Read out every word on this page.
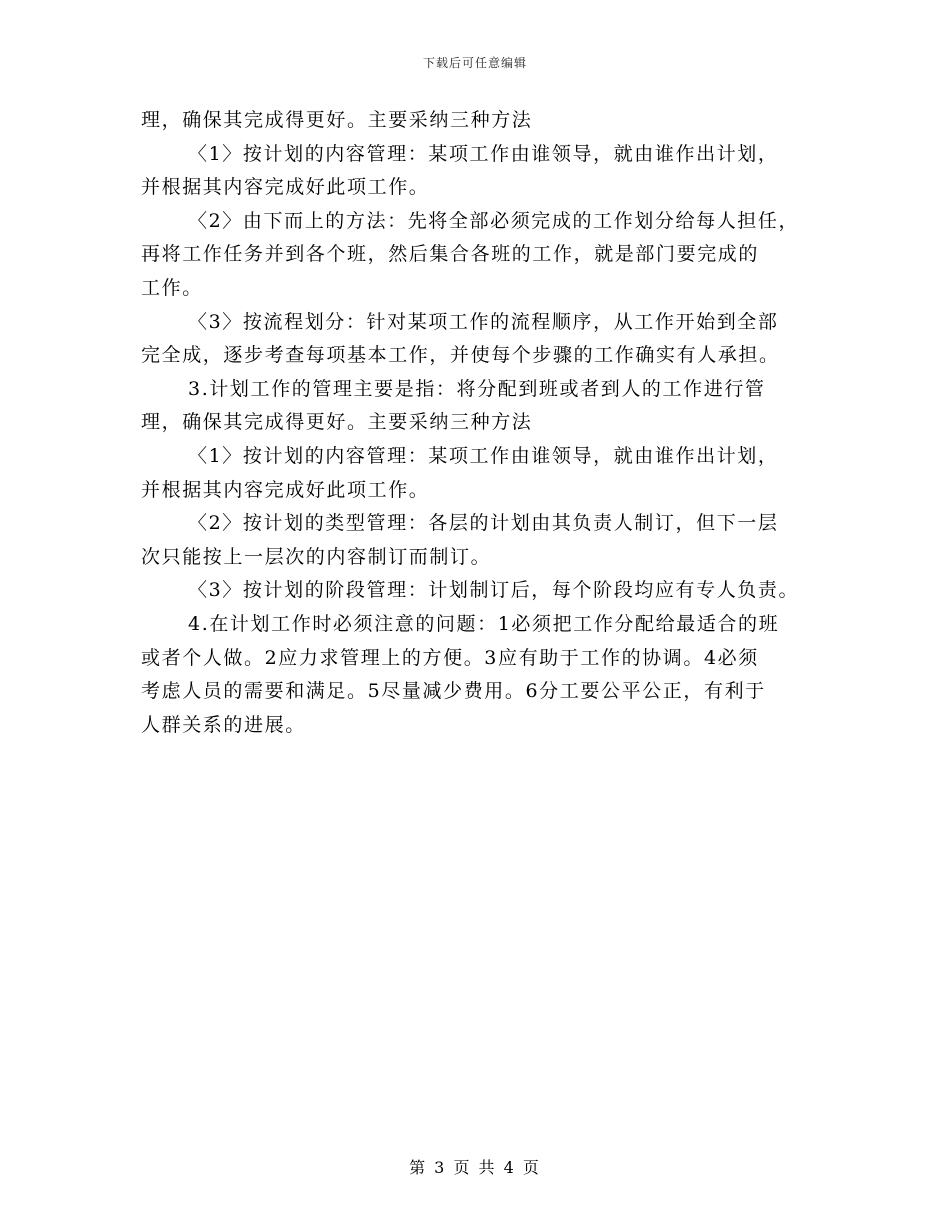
下载后可任意编辑
理，确保其完成得更好。主要采纳三种方法
〈1〉按计划的内容管理：某项工作由谁领导，就由谁作出计划，
并根据其内容完成好此项工作。
〈2〉由下而上的方法：先将全部必须完成的工作划分给每人担任，
再将工作任务并到各个班，然后集合各班的工作，就是部门要完成的
工作。
〈3〉按流程划分：针对某项工作的流程顺序，从工作开始到全部
完全成，逐步考查每项基本工作，并使每个步骤的工作确实有人承担。
3.计划工作的管理主要是指：将分配到班或者到人的工作进行管
理，确保其完成得更好。主要采纳三种方法
〈1〉按计划的内容管理：某项工作由谁领导，就由谁作出计划，
并根据其内容完成好此项工作。
〈2〉按计划的类型管理：各层的计划由其负责人制订，但下一层
次只能按上一层次的内容制订而制订。
〈3〉按计划的阶段管理：计划制订后，每个阶段均应有专人负责。
4.在计划工作时必须注意的问题：1必须把工作分配给最适合的班
或者个人做。2应力求管理上的方便。3应有助于工作的协调。4必须
考虑人员的需要和满足。5尽量减少费用。6分工要公平公正，有利于
人群关系的进展。
第 3 页 共 4 页
